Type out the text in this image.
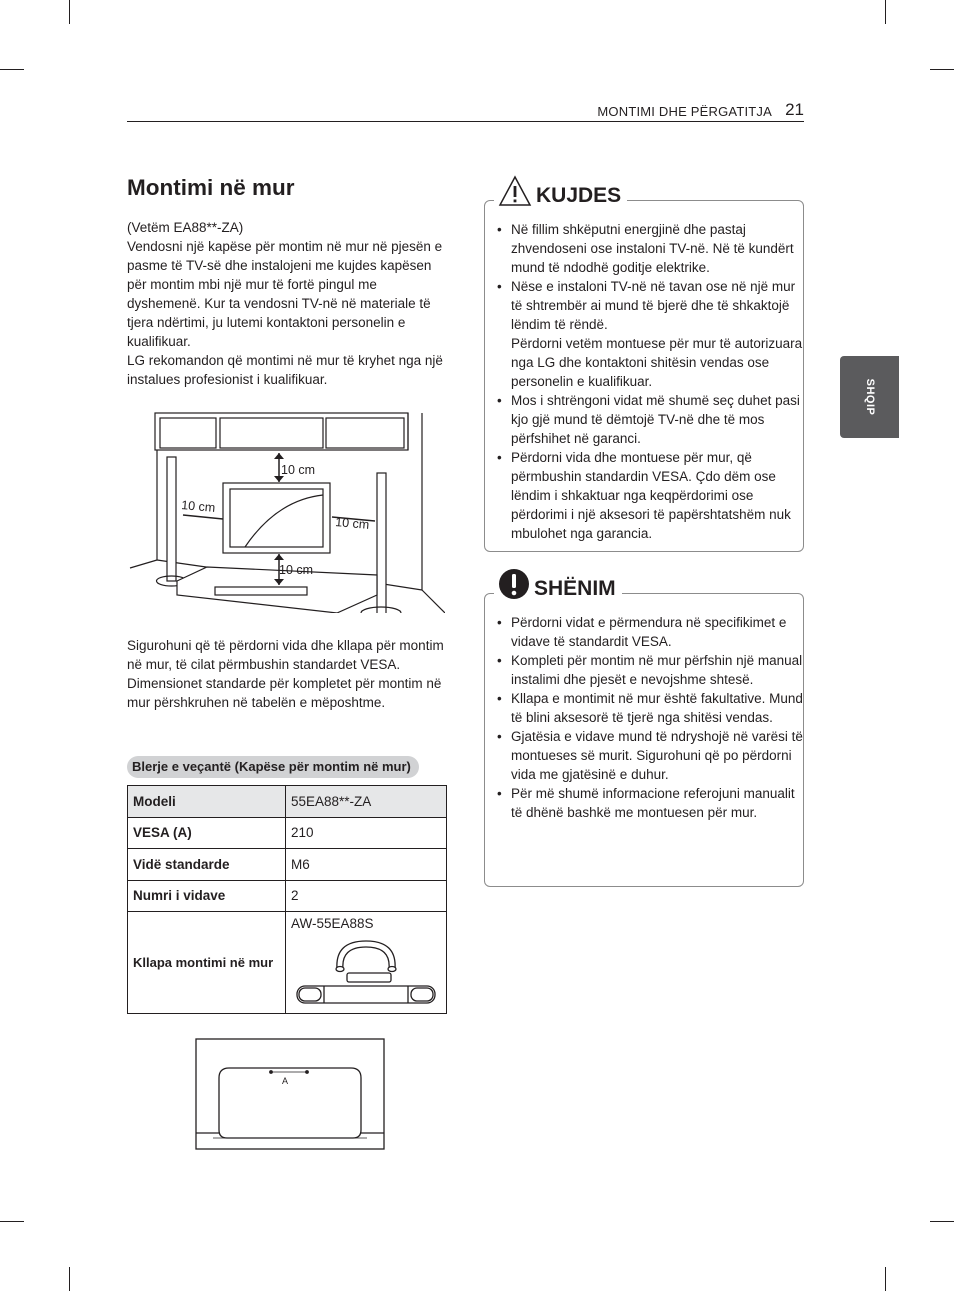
MONTIMI DHE PËRGATITJA 21
SHQIP
Montimi në mur

(Vetëm EA88**-ZA)

Vendosni një kapëse për montim në mur në pjesën e pasme të TV-së dhe instalojeni me kujdes kapësen për montim mbi një mur të fortë pingul me dyshemenë. Kur ta vendosni TV-në në materiale të tjera ndërtimi, ju lutemi kontaktoni personelin e kualifikuar.

LG rekomandon që montimi në mur të kryhet nga një instalues profesionist i kualifikuar.

10 cm
10 cm
10 cm
10 cm

Sigurohuni që të përdorni vida dhe kllapa për montim në mur, të cilat përmbushin standardet VESA. Dimensionet standarde për kompletet për montim në mur përshkruhen në tabelën e mëposhtme.

Blerje e veçantë (Kapëse për montim në mur)
Modeli	55EA88**-ZA
VESA (A)	210
Vidë standarde	M6
Numri i vidave	2
Kllapa montimi në mur	AW-55EA88S
A
• Në fillim shkëputni energjinë dhe pastaj zhvendoseni ose instaloni TV-në. Në të kundërt mund të ndodhë goditje elektrike.
• Nëse e instaloni TV-në në tavan ose në një mur të shtrembër ai mund të bjerë dhe të shkaktojë lëndim të rëndë.
Përdorni vetëm montuese për mur të autorizuara nga LG dhe kontaktoni shitësin vendas ose personelin e kualifikuar.
• Mos i shtrëngoni vidat më shumë seç duhet pasi kjo gjë mund të dëmtojë TV-në dhe të mos përfshihet në garanci.
• Përdorni vida dhe montuese për mur, që përmbushin standardin VESA. Çdo dëm ose lëndim i shkaktuar nga keqpërdorimi ose përdorimi i një aksesori të papërshtatshëm nuk mbulohet nga garancia.
KUJDES
• Përdorni vidat e përmendura në specifikimet e vidave të standardit VESA.
• Kompleti për montim në mur përfshin një manual instalimi dhe pjesët e nevojshme shtesë.
• Kllapa e montimit në mur është fakultative. Mund të blini aksesorë të tjerë nga shitësi vendas.
• Gjatësia e vidave mund të ndryshojë në varësi të montueses së murit. Sigurohuni që po përdorni vida me gjatësinë e duhur.
• Për më shumë informacione referojuni manualit të dhënë bashkë me montuesen për mur.
SHËNIM
